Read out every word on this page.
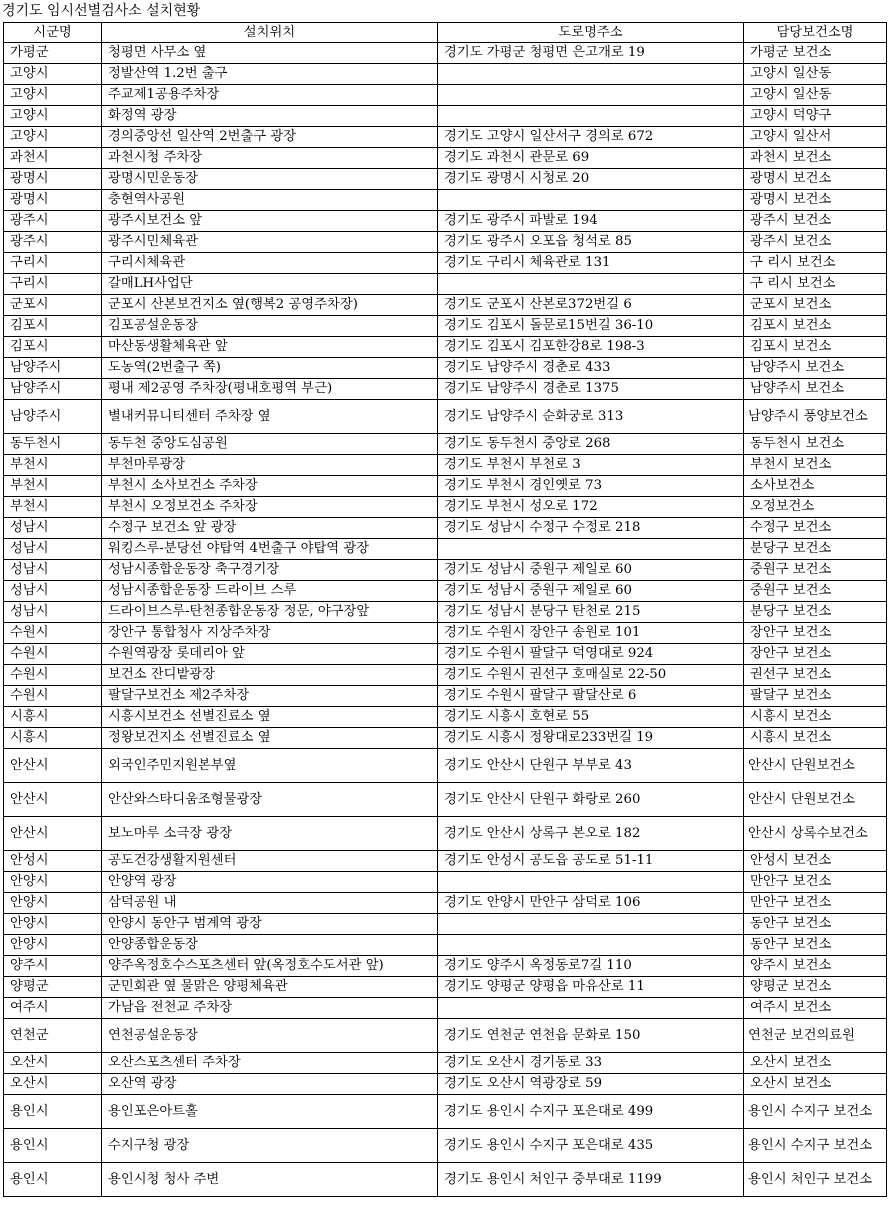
경기도 임시선별검사소 설치현황
시군명	설치위치	도로명주소	담당보건소명
가평군	청평면 사무소 옆	경기도 가평군 청평면 은고개로 19	가평군 보건소
고양시	정발산역 1.2번 출구		고양시 일산동
고양시	주교제1공용주차장		고양시 일산동
고양시	화정역 광장		고양시 덕양구
고양시	경의중앙선 일산역 2번출구 광장	경기도 고양시 일산서구 경의로 672	고양시 일산서
과천시	과천시청 주차장	경기도 과천시 관문로 69	과천시 보건소
광명시	광명시민운동장	경기도 광명시 시청로 20	광명시 보건소
광명시	충현역사공원		광명시 보건소
광주시	광주시보건소 앞	경기도 광주시 파발로 194	광주시 보건소
광주시	광주시민체육관	경기도 광주시 오포읍 청석로 85	광주시 보건소
구리시	구리시체육관	경기도 구리시 체육관로 131	구 리시 보건소
구리시	갈매LH사업단		구 리시 보건소
군포시	군포시 산본보건지소 옆(행복2 공영주차장)	경기도 군포시 산본로372번길 6	군포시 보건소
김포시	김포공설운동장	경기도 김포시 돌문로15번길 36-10	김포시 보건소
김포시	마산동생활체육관 앞	경기도 김포시 김포한강8로 198-3	김포시 보건소
남양주시	도농역(2번출구 쪽)	경기도 남양주시 경춘로 433	남양주시 보건소
남양주시	평내 제2공영 주차장(평내호평역 부근)	경기도 남양주시 경춘로 1375	남양주시 보건소
남양주시	별내커뮤니티센터 주차장 옆	경기도 남양주시 순화궁로 313	남양주시 풍양보건소
동두천시	동두천 중앙도심공원	경기도 동두천시 중앙로 268	동두천시 보건소
부천시	부천마루광장	경기도 부천시 부천로 3	부천시 보건소
부천시	부천시 소사보건소 주차장	경기도 부천시 경인옛로 73	소사보건소
부천시	부천시 오정보건소 주차장	경기도 부천시 성오로 172	오정보건소
성남시	수정구 보건소 앞 광장	경기도 성남시 수정구 수정로 218	수정구 보건소
성남시	워킹스루-분당선 야탑역 4번출구 야탑역 광장		분당구 보건소
성남시	성남시종합운동장 축구경기장	경기도 성남시 중원구 제일로 60	중원구 보건소
성남시	성남시종합운동장 드라이브 스루	경기도 성남시 중원구 제일로 60	중원구 보건소
성남시	드라이브스루-탄천종합운동장 정문, 야구장앞	경기도 성남시 분당구 탄천로 215	분당구 보건소
수원시	장안구 통합청사 지상주차장	경기도 수원시 장안구 송원로 101	장안구 보건소
수원시	수원역광장 롯데리아 앞	경기도 수원시 팔달구 덕영대로 924	장안구 보건소
수원시	보건소 잔디밭광장	경기도 수원시 권선구 호매실로 22-50	권선구 보건소
수원시	팔달구보건소 제2주차장	경기도 수원시 팔달구 팔달산로 6	팔달구 보건소
시흥시	시흥시보건소 선별진료소 옆	경기도 시흥시 호현로 55	시흥시 보건소
시흥시	정왕보건지소 선별진료소 옆	경기도 시흥시 정왕대로233번길 19	시흥시 보건소
안산시	외국인주민지원본부옆	경기도 안산시 단원구 부부로 43	안산시 단원보건소
안산시	안산와스타디움조형물광장	경기도 안산시 단원구 화랑로 260	안산시 단원보건소
안산시	보노마루 소극장 광장	경기도 안산시 상록구 본오로 182	안산시 상록수보건소
안성시	공도건강생활지원센터	경기도 안성시 공도읍 공도로 51-11	안성시 보건소
안양시	안양역 광장		만안구 보건소
안양시	삼덕공원 내	경기도 안양시 만안구 삼덕로 106	만안구 보건소
안양시	안양시 동안구 범계역 광장		동안구 보건소
안양시	안양종합운동장		동안구 보건소
양주시	양주옥정호수스포츠센터 앞(옥정호수도서관 앞)	경기도 양주시 옥정동로7길 110	양주시 보건소
양평군	군민회관 옆 물맑은 양평체육관	경기도 양평군 양평읍 마유산로 11	양평군 보건소
여주시	가남읍 전천교 주차장		여주시 보건소
연천군	연천공설운동장	경기도 연천군 연천읍 문화로 150	연천군 보건의료원
오산시	오산스포츠센터 주차장	경기도 오산시 경기동로 33	오산시 보건소
오산시	오산역 광장	경기도 오산시 역광장로 59	오산시 보건소
용인시	용인포은아트홀	경기도 용인시 수지구 포은대로 499	용인시 수지구 보건소
용인시	수지구청 광장	경기도 용인시 수지구 포은대로 435	용인시 수지구 보건소
용인시	용인시청 청사 주변	경기도 용인시 처인구 중부대로 1199	용인시 처인구 보건소
